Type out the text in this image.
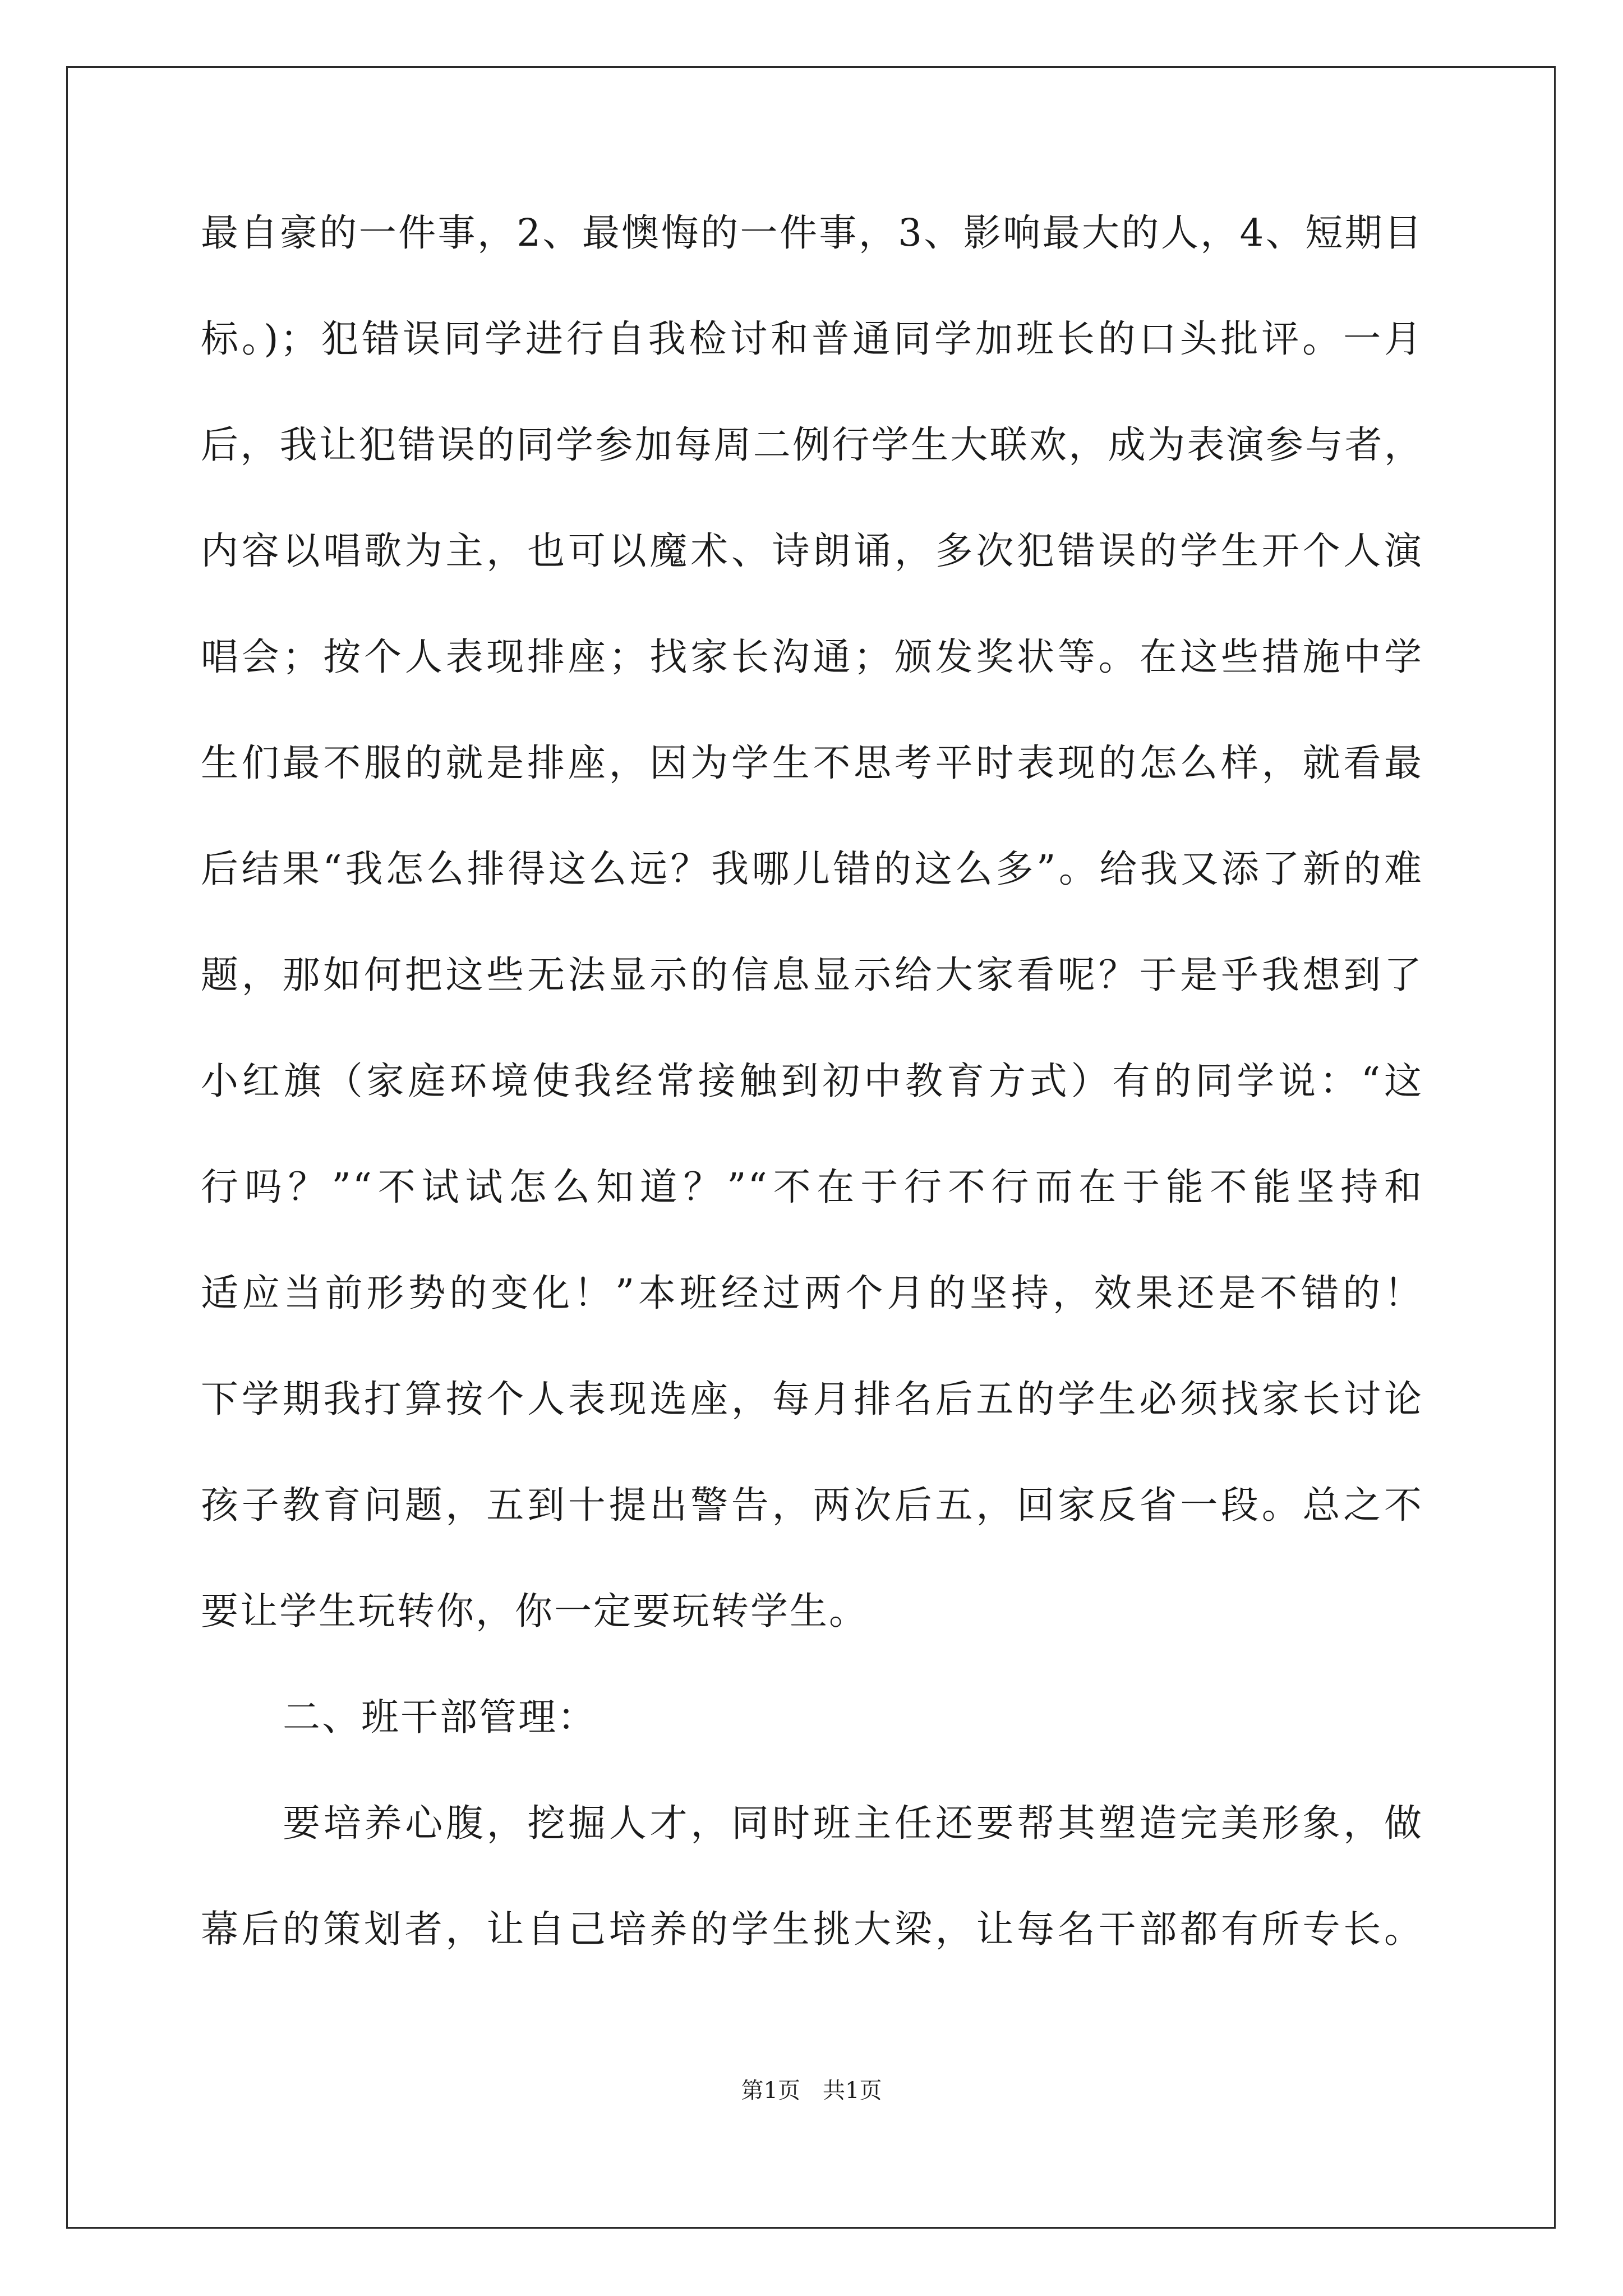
最自豪的一件事，2、最懊悔的一件事，3、影响最大的人，4、短期目
标。)；犯错误同学进行自我检讨和普通同学加班长的口头批评。一月
后，我让犯错误的同学参加每周二例行学生大联欢，成为表演参与者，
内容以唱歌为主，也可以魔术、诗朗诵，多次犯错误的学生开个人演
唱会；按个人表现排座；找家长沟通；颁发奖状等。在这些措施中学
生们最不服的就是排座，因为学生不思考平时表现的怎么样，就看最
后结果“我怎么排得这么远？我哪儿错的这么多”。给我又添了新的难
题，那如何把这些无法显示的信息显示给大家看呢？于是乎我想到了
小红旗（家庭环境使我经常接触到初中教育方式）有的同学说：“这
行吗？”“不试试怎么知道？”“不在于行不行而在于能不能坚持和
适应当前形势的变化！”本班经过两个月的坚持，效果还是不错的！
下学期我打算按个人表现选座，每月排名后五的学生必须找家长讨论
孩子教育问题，五到十提出警告，两次后五，回家反省一段。总之不
要让学生玩转你，你一定要玩转学生。
二、班干部管理：
要培养心腹，挖掘人才，同时班主任还要帮其塑造完美形象，做
幕后的策划者，让自己培养的学生挑大梁，让每名干部都有所专长。
第1页　共1页
